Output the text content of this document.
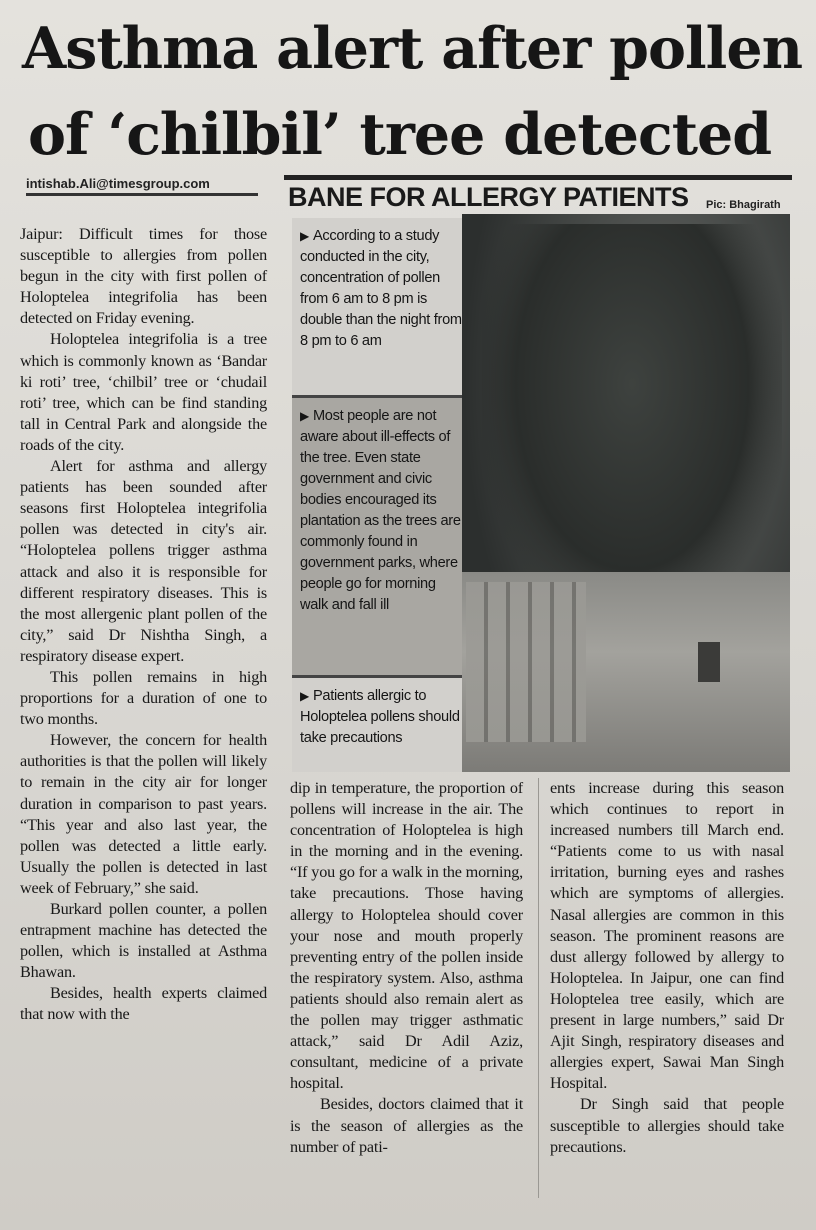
Asthma alert after pollen
of ‘chilbil’ tree detected
intishab.Ali@timesgroup.com	BANE FOR ALLERGY PATIENTS Pic: Bhagirath
▶ According to a study conducted in the city, concentration of pollen from 6 am to 8 pm is double than the night from 8 pm to 6 am
▶ Most people are not aware about ill-effects of the tree. Even state government and civic bodies encouraged its plantation as the trees are commonly found in government parks, where people go for morning walk and fall ill
▶ Patients allergic to Holoptelea pollens should take precautions

Jaipur: Difficult times for those susceptible to allergies from pollen begun in the city with first pollen of Holoptelea integrifolia has been detected on Friday evening.

Holoptelea integrifolia is a tree which is commonly known as ‘Bandar ki roti’ tree, ‘chilbil’ tree or ‘chudail roti’ tree, which can be find standing tall in Central Park and alongside the roads of the city.

Alert for asthma and allergy patients has been sounded after seasons first Holoptelea integrifolia pollen was detected in city's air. “Holoptelea pollens trigger asthma attack and also it is responsible for different respiratory diseases. This is the most allergenic plant pollen of the city,” said Dr Nishtha Singh, a respiratory disease expert.

This pollen remains in high proportions for a duration of one to two months.

However, the concern for health authorities is that the pollen will likely to remain in the city air for longer duration in comparison to past years. “This year and also last year, the pollen was detected a little early. Usually the pollen is detected in last week of February,” she said.

Burkard pollen counter, a pollen entrapment machine has detected the pollen, which is installed at Asthma Bhawan.

Besides, health experts claimed that now with the

dip in temperature, the proportion of pollens will increase in the air. The concentration of Holoptelea is high in the morning and in the evening. “If you go for a walk in the morning, take precautions. Those having allergy to Holoptelea should cover your nose and mouth properly preventing entry of the pollen inside the respiratory system. Also, asthma patients should also remain alert as the pollen may trigger asthmatic attack,” said Dr Adil Aziz, consultant, medicine of a private hospital.

Besides, doctors claimed that it is the season of allergies as the number of pati-

ents increase during this season which continues to report in increased numbers till March end. “Patients come to us with nasal irritation, burning eyes and rashes which are symptoms of allergies. Nasal allergies are common in this season. The prominent reasons are dust allergy followed by allergy to Holoptelea. In Jaipur, one can find Holoptelea tree easily, which are present in large numbers,” said Dr Ajit Singh, respiratory diseases and allergies expert, Sawai Man Singh Hospital.

Dr Singh said that people susceptible to allergies should take precautions.
